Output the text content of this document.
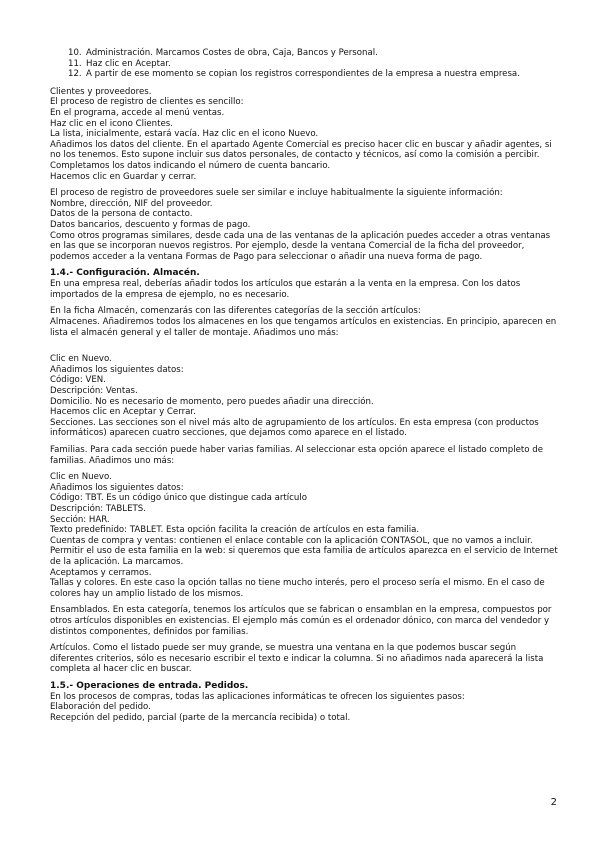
10. Administración. Marcamos Costes de obra, Caja, Bancos y Personal.
11. Haz clic en Aceptar.
12. A partir de ese momento se copian los registros correspondientes de la empresa a nuestra empresa.
Clientes y proveedores.
El proceso de registro de clientes es sencillo:
En el programa, accede al menú ventas.
Haz clic en el icono Clientes.
La lista, inicialmente, estará vacía. Haz clic en el icono Nuevo.
Añadimos los datos del cliente. En el apartado Agente Comercial es preciso hacer clic en buscar y añadir agentes, si no los tenemos. Esto supone incluir sus datos personales, de contacto y técnicos, así como la comisión a percibir.
Completamos los datos indicando el número de cuenta bancario.
Hacemos clic en Guardar y cerrar.
El proceso de registro de proveedores suele ser similar e incluye habitualmente la siguiente información:
Nombre, dirección, NIF del proveedor.
Datos de la persona de contacto.
Datos bancarios, descuento y formas de pago.
Como otros programas similares, desde cada una de las ventanas de la aplicación puedes acceder a otras ventanas en las que se incorporan nuevos registros. Por ejemplo, desde la ventana Comercial de la ficha del proveedor, podemos acceder a la ventana Formas de Pago para seleccionar o añadir una nueva forma de pago.
1.4.- Configuración. Almacén.
En una empresa real, deberías añadir todos los artículos que estarán a la venta en la empresa. Con los datos importados de la empresa de ejemplo, no es necesario.
En la ficha Almacén, comenzarás con las diferentes categorías de la sección artículos:
Almacenes. Añadiremos todos los almacenes en los que tengamos artículos en existencias. En principio, aparecen en lista el almacén general y el taller de montaje. Añadimos uno más:
Clic en Nuevo.
Añadimos los siguientes datos:
Código: VEN.
Descripción: Ventas.
Domicilio. No es necesario de momento, pero puedes añadir una dirección.
Hacemos clic en Aceptar y Cerrar.
Secciones. Las secciones son el nivel más alto de agrupamiento de los artículos. En esta empresa (con productos informáticos) aparecen cuatro secciones, que dejamos como aparece en el listado.
Familias. Para cada sección puede haber varias familias. Al seleccionar esta opción aparece el listado completo de familias. Añadimos uno más:
Clic en Nuevo.
Añadimos los siguientes datos:
Código: TBT. Es un código único que distingue cada artículo
Descripción: TABLETS.
Sección: HAR.
Texto predefinido: TABLET. Esta opción facilita la creación de artículos en esta familia.
Cuentas de compra y ventas: contienen el enlace contable con la aplicación CONTASOL, que no vamos a incluir.
Permitir el uso de esta familia en la web: si queremos que esta familia de artículos aparezca en el servicio de Internet de la aplicación. La marcamos.
Aceptamos y cerramos.
Tallas y colores. En este caso la opción tallas no tiene mucho interés, pero el proceso sería el mismo. En el caso de colores hay un amplio listado de los mismos.
Ensamblados. En esta categoría, tenemos los artículos que se fabrican o ensamblan en la empresa, compuestos por otros artículos disponibles en existencias. El ejemplo más común es el ordenador dónico, con marca del vendedor y distintos componentes, definidos por familias.
Artículos. Como el listado puede ser muy grande, se muestra una ventana en la que podemos buscar según diferentes criterios, sólo es necesario escribir el texto e indicar la columna. Si no añadimos nada aparecerá la lista completa al hacer clic en buscar.
1.5.- Operaciones de entrada. Pedidos.
En los procesos de compras, todas las aplicaciones informáticas te ofrecen los siguientes pasos:
Elaboración del pedido.
Recepción del pedido, parcial (parte de la mercancía recibida) o total.
2
